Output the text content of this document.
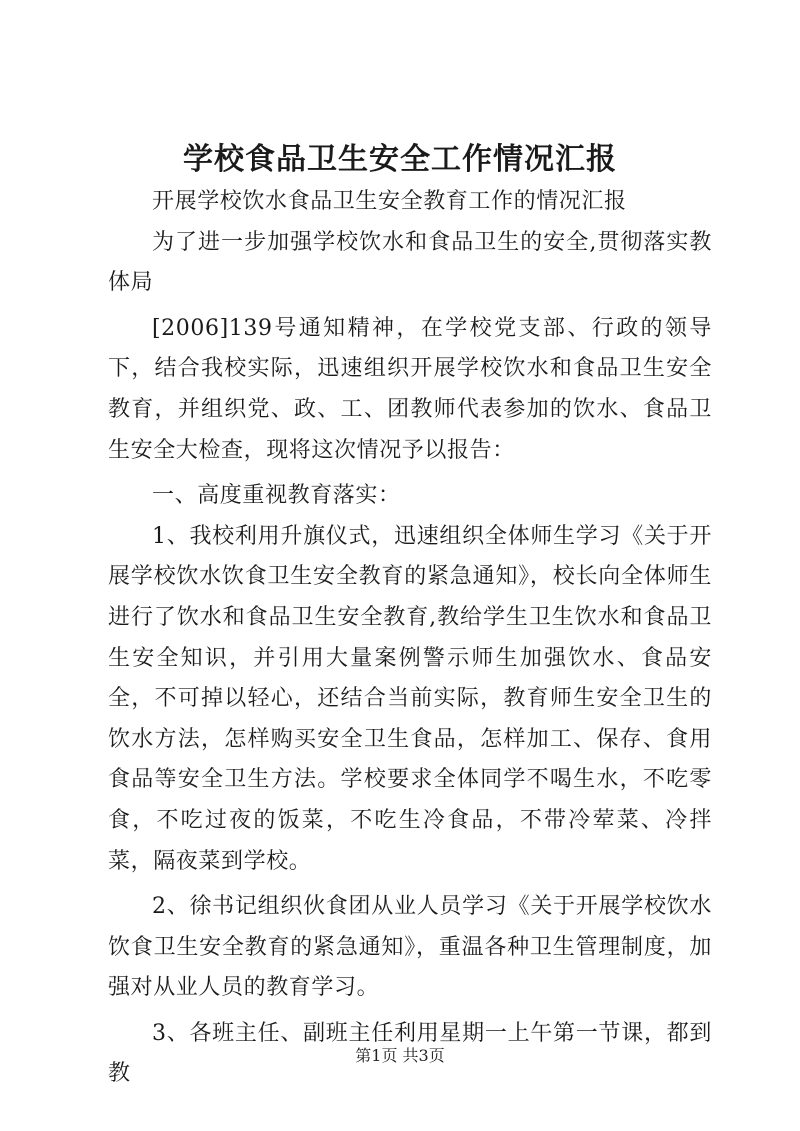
学校食品卫生安全工作情况汇报

开展学校饮水食品卫生安全教育工作的情况汇报

为了进一步加强学校饮水和食品卫生的安全,贯彻落实教体局

[2006]139号通知精神，在学校党支部、行政的领导下，结合我校实际，迅速组织开展学校饮水和食品卫生安全教育，并组织党、政、工、团教师代表参加的饮水、食品卫生安全大检查，现将这次情况予以报告：

一、高度重视教育落实：

1、我校利用升旗仪式，迅速组织全体师生学习《关于开展学校饮水饮食卫生安全教育的紧急通知》，校长向全体师生进行了饮水和食品卫生安全教育,教给学生卫生饮水和食品卫生安全知识，并引用大量案例警示师生加强饮水、食品安全，不可掉以轻心，还结合当前实际，教育师生安全卫生的饮水方法，怎样购买安全卫生食品，怎样加工、保存、食用食品等安全卫生方法。学校要求全体同学不喝生水，不吃零食，不吃过夜的饭菜，不吃生冷食品，不带冷荤菜、冷拌菜，隔夜菜到学校。

2、徐书记组织伙食团从业人员学习《关于开展学校饮水饮食卫生安全教育的紧急通知》，重温各种卫生管理制度，加强对从业人员的教育学习。

3、各班主任、副班主任利用星期一上午第一节课，都到教

第1页 共3页
